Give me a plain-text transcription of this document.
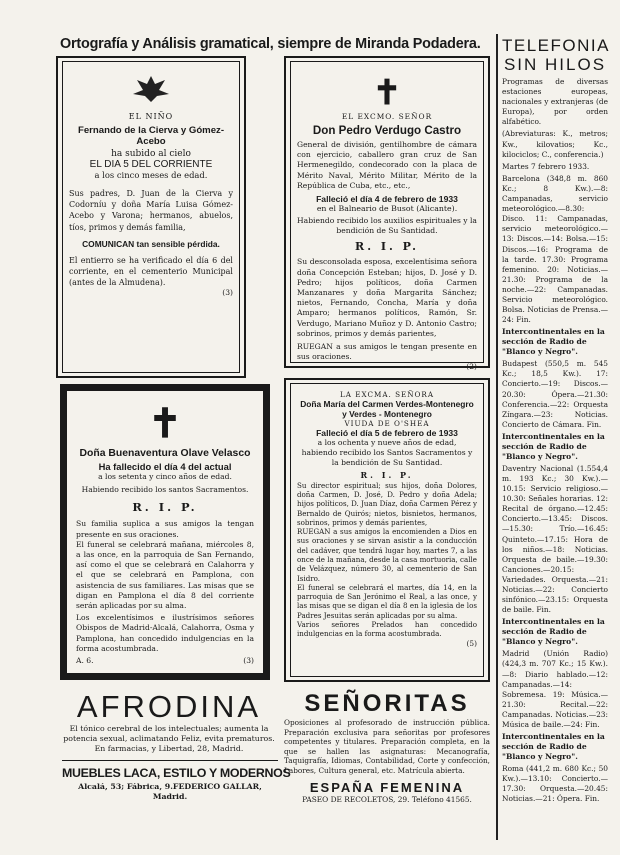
Ortografía y Análisis gramatical, siempre de Miranda Podadera.
EL NIÑO
Fernando de la Cierva y Gómez-Acebo
ha subido al cielo
EL DIA 5 DEL CORRIENTE
a los cinco meses de edad.
Sus padres, D. Juan de la Cierva y Codorníu y doña María Luisa Gómez-Acebo y Varona; hermanos, abuelos, tíos, primos y demás familia,
COMUNICAN tan sensible pérdida.
El entierro se ha verificado el día 6 del corriente, en el cementerio Municipal (antes de la Almudena).
(3)
✝
EL EXCMO. SEÑOR
Don Pedro Verdugo Castro
General de división, gentilhombre de cámara con ejercicio, caballero gran cruz de San Hermenegildo, condecorado con la placa de Mérito Naval, Mérito Militar, Mérito de la República de Cuba, etc., etc.,
Falleció el día 4 de febrero de 1933
en el Balneario de Busot (Alicante).
Habiendo recibido los auxilios espirituales y la bendición de Su Santidad.
R. I. P.
Su desconsolada esposa, excelentísima señora doña Concepción Esteban; hijos, D. José y D. Pedro; hijos políticos, doña Carmen Manzanares y doña Margarita Sánchez; nietos, Fernando, Concha, María y doña Amparo; hermanos políticos, Ramón, Sr. Verdugo, Mariano Muñoz y D. Antonio Castro; sobrinos, primos y demás parientes,
RUEGAN a sus amigos le tengan presente en sus oraciones.
(2)
✝
Doña Buenaventura Olave Velasco
Ha fallecido el día 4 del actual
a los setenta y cinco años de edad.
Habiendo recibido los santos Sacramentos.
R. I. P.
Su familia suplica a sus amigos la tengan presente en sus oraciones.
El funeral se celebrará mañana, miércoles 8, a las once, en la parroquia de San Fernando, así como el que se celebrará en Calahorra y el que se celebrará en Pamplona, con asistencia de sus familiares. Las misas que se digan en Pamplona el día 8 del corriente serán aplicadas por su alma.
Los excelentísimos e ilustrísimos señores Obispos de Madrid-Alcalá, Calahorra, Osma y Pamplona, han concedido indulgencias en la forma acostumbrada.
A. 6.	(3)
LA EXCMA. SEÑORA
Doña María del Carmen Verdes-Montenegro
y Verdes - Montenegro
VIUDA DE O'SHEA
Falleció el día 5 de febrero de 1933
a los ochenta y nueve años de edad,
habiendo recibido los Santos Sacramentos y la bendición de Su Santidad.
R. I. P.
Su director espiritual; sus hijos, doña Dolores, doña Carmen, D. José, D. Pedro y doña Adela; hijos políticos, D. Juan Díaz, doña Carmen Pérez y Bernaldo de Quirós; nietos, bisnietos, hermanos, sobrinos, primos y demás parientes,
RUEGAN a sus amigos la encomienden a Dios en sus oraciones y se sirvan asistir a la conducción del cadáver, que tendrá lugar hoy, martes 7, a las once de la mañana, desde la casa mortuoria, calle de Velázquez, número 30, al cementerio de San Isidro.
El funeral se celebrará el martes, día 14, en la parroquia de San Jerónimo el Real, a las once, y las misas que se digan el día 8 en la iglesia de los Padres Jesuitas serán aplicadas por su alma.
Varios señores Prelados han concedido indulgencias en la forma acostumbrada.
(5)
AFRODINA
El tónico cerebral de los intelectuales; aumenta la potencia sexual, aclimatando Feliz, evita prematuros.
En farmacias, y Libertad, 28, Madrid.
MUEBLES LACA, ESTILO Y MODERNOS
Alcalá, 53; Fábrica, 9.FEDERICO GALLAR, Madrid.
SEÑORITAS
Oposiciones al profesorado de instrucción pública. Preparación exclusiva para señoritas por profesores competentes y titulares. Preparación completa, en la que se hallen las asignaturas: Mecanografía, Taquigrafía, Idiomas, Contabilidad, Corte y confección, Labores, Cultura general, etc. Matrícula abierta.
ESPAÑA FEMENINA
PASEO DE RECOLETOS, 29. Teléfono 41565.
TELEFONIA
SIN HILOS

Programas de diversas estaciones europeas, nacionales y extranjeras (de Europa), por orden alfabético.

(Abreviaturas: K., metros; Kw., kilovatios; Kc., kilociclos; C., conferencia.)

Martes 7 febrero 1933.

Barcelona (348,8 m. 860 Kc.; 8 Kw.).—8: Campanadas, servicio meteorológico.—8.30: Disco. 11: Campanadas, servicio meteorológico.—13: Discos.—14: Bolsa.—15: Discos.—16: Programa de la tarde. 17.30: Programa femenino. 20: Noticias.—21.30: Programa de la noche.—22: Campanadas. Servicio meteorológico. Bolsa. Noticias de Prensa.—24: Fin.

Intercontinentales en la sección de Radio de "Blanco y Negro".

Budapest (550,5 m. 545 Kc.; 18,5 Kw.). 17: Concierto.—19: Discos.—20.30: Ópera.—21.30: Conferencia.—22: Orquesta Zíngara.—23: Noticias. Concierto de Cámara. Fin.

Intercontinentales en la sección de Radio de "Blanco y Negro".

Daventry Nacional (1.554,4 m. 193 Kc.; 30 Kw.).—10.15: Servicio religioso.—10.30: Señales horarias. 12: Recital de órgano.—12.45: Concierto.—13.45: Discos.—15.30: Trío.—16.45: Quinteto.—17.15: Hora de los niños.—18: Noticias. Orquesta de baile.—19.30: Canciones.—20.15: Variedades. Orquesta.—21: Noticias.—22: Concierto sinfónico.—23.15: Orquesta de baile. Fin.

Intercontinentales en la sección de Radio de "Blanco y Negro".

Madrid (Unión Radio) (424,3 m. 707 Kc.; 15 Kw.).—8: Diario hablado.—12: Campanadas.—14: Sobremesa. 19: Música.—21.30: Recital.—22: Campanadas. Noticias.—23: Música de baile.—24: Fin.

Intercontinentales en la sección de Radio de "Blanco y Negro".

Roma (441,2 m. 680 Kc.; 50 Kw.).—13.10: Concierto.—17.30: Orquesta.—20.45: Noticias.—21: Ópera. Fin.
